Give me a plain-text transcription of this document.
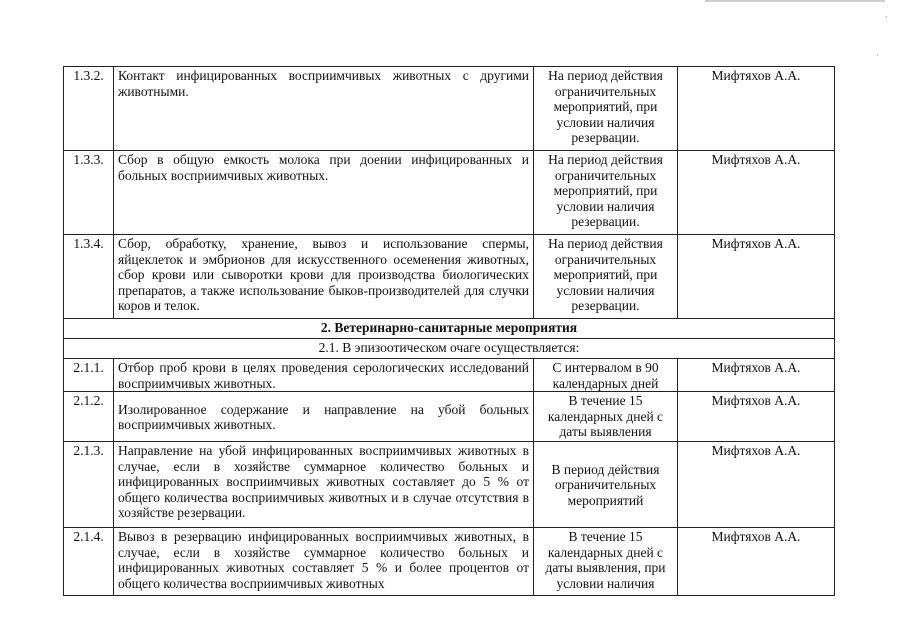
·
·
1.3.2.	Контакт инфицированных восприимчивых животных с другими животными.	На период действия ограничительных мероприятий, при условии наличия резервации.	Мифтяхов А.А.
1.3.3.	Сбор в общую емкость молока при доении инфицированных и больных восприимчивых животных.	На период действия ограничительных мероприятий, при условии наличия резервации.	Мифтяхов А.А.
1.3.4.	Сбор, обработку, хранение, вывоз и использование спермы, яйцеклеток и эмбрионов для искусственного осеменения животных, сбор крови или сыворотки крови для производства биологических препаратов, а также использование быков-производителей для случки коров и телок.	На период действия ограничительных мероприятий, при условии наличия резервации.	Мифтяхов А.А.
2. Ветеринарно-санитарные мероприятия			
2.1. В эпизоотическом очаге осуществляется:			
2.1.1.	Отбор проб крови в целях проведения серологических исследований восприимчивых животных.	С интервалом в 90 календарных дней	Мифтяхов А.А.
2.1.2.	Изолированное содержание и направление на убой больных восприимчивых животных.	В течение 15 календарных дней с даты выявления	Мифтяхов А.А.
2.1.3.	Направление на убой инфицированных восприимчивых животных в случае, если в хозяйстве суммарное количество больных и инфицированных восприимчивых животных составляет до 5 % от общего количества восприимчивых животных и в случае отсутствия в хозяйстве резервации.	В период действия ограничительных мероприятий	Мифтяхов А.А.
2.1.4.	Вывоз в резервацию инфицированных восприимчивых животных, в случае, если в хозяйстве суммарное количество больных и инфицированных животных составляет 5 % и более процентов от общего количества восприимчивых животных	В течение 15 календарных дней с даты выявления, при условии наличия	Мифтяхов А.А.
